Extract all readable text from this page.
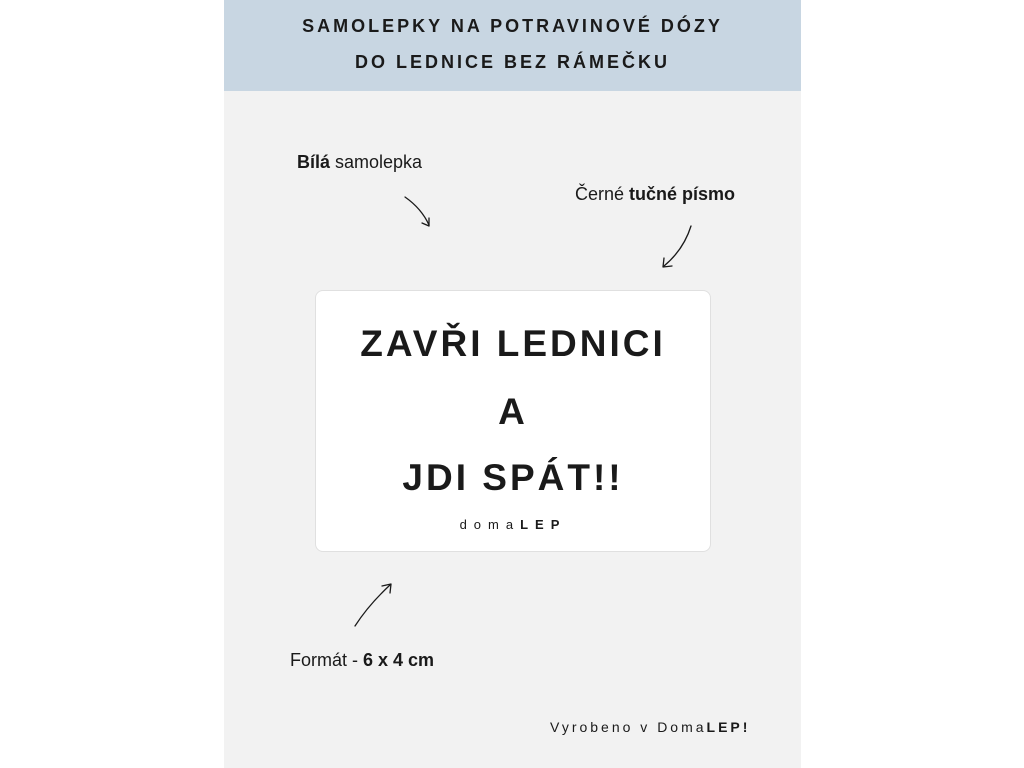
SAMOLEPKY NA POTRAVINOVÉ DÓZY
DO LEDNICE BEZ RÁMEČKU
Bílá samolepka
Černé tučné písmo
ZAVŘI LEDNICI
A
JDI SPÁT!!
domaLEP
Formát - 6 x 4 cm
Vyrobeno v DomaLEP!
